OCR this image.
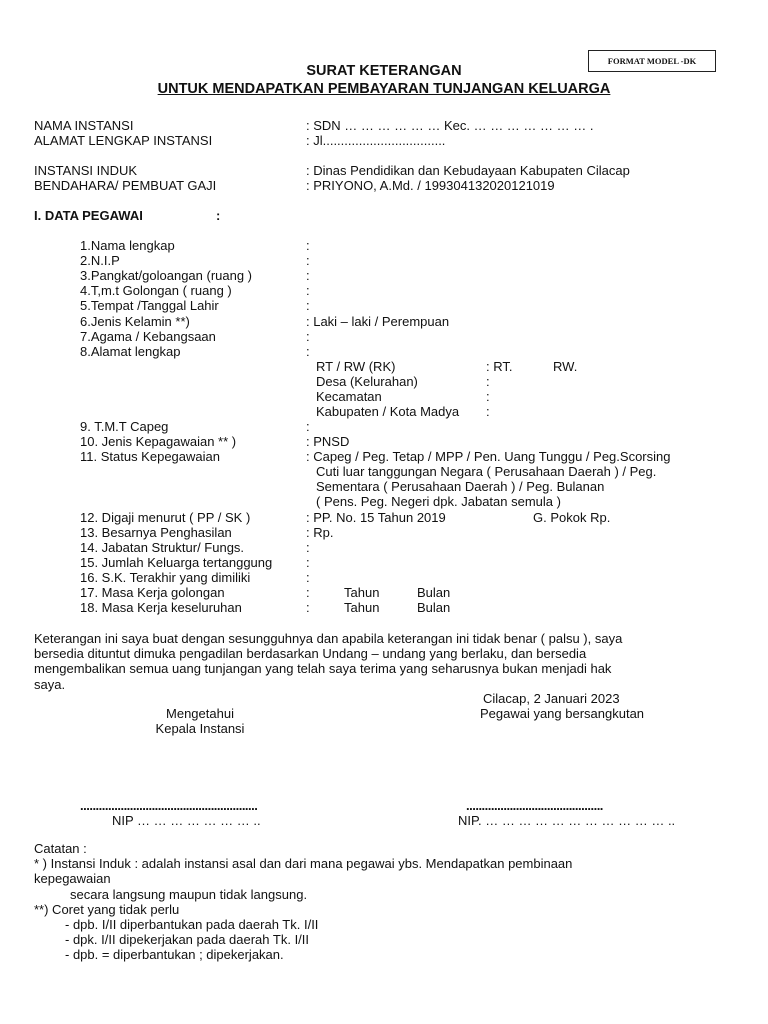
FORMAT MODEL -DK
SURAT KETERANGAN
UNTUK MENDAPATKAN PEMBAYARAN TUNJANGAN KELUARGA
NAMA INSTANSI	: SDN … … … … … … Kec. … … … … … … … .
ALAMAT LENGKAP INSTANSI	: Jl..................................
INSTANSI INDUK	: Dinas Pendidikan dan Kebudayaan Kabupaten Cilacap
BENDAHARA/ PEMBUAT GAJI	: PRIYONO, A.Md. / 199304132020121019
I. DATA PEGAWAI	:
1.Nama lengkap	:
2.N.I.P	:
3.Pangkat/goloangan (ruang )	:
4.T,m.t Golongan ( ruang )	:
5.Tempat /Tanggal Lahir	:
6.Jenis Kelamin **)	: Laki – laki / Perempuan
7.Agama / Kebangsaan	:
8.Alamat lengkap	:
RT / RW (RK)	: RT.	RW.
Desa (Kelurahan)	:
Kecamatan	:
Kabupaten / Kota Madya :
9. T.M.T Capeg	:
10. Jenis Kepagawaian ** )	: PNSD
11. Status Kepegawaian	: Capeg / Peg. Tetap / MPP / Pen. Uang Tunggu / Peg.Scorsing
Cuti luar tanggungan Negara ( Perusahaan Daerah ) / Peg.
Sementara ( Perusahaan Daerah ) / Peg. Bulanan
( Pens. Peg. Negeri dpk. Jabatan semula )
12. Digaji menurut ( PP / SK )	: PP. No. 15 Tahun 2019	G. Pokok Rp.
13. Besarnya Penghasilan	: Rp.
14. Jabatan Struktur/ Fungs.	:
15. Jumlah Keluarga tertanggung	:
16. S.K. Terakhir yang dimiliki	:
17. Masa Kerja golongan	:	Tahun	Bulan
18. Masa Kerja keseluruhan	:	Tahun	Bulan
Keterangan ini saya buat dengan sesungguhnya dan apabila keterangan ini tidak benar ( palsu ), saya
bersedia dituntut dimuka pengadilan berdasarkan Undang – undang yang berlaku, dan bersedia
mengembalikan semua uang tunjangan yang telah saya terima yang seharusnya bukan menjadi hak
saya.
Cilacap, 2 Januari 2023
Mengetahui
Kepala Instansi
Pegawai yang bersangkutan
.........................................................	............................................
NIP … … … … … … … ..	NIP. … … … … … … … … … … … ..
Catatan :
* ) Instansi Induk : adalah instansi asal dan dari mana pegawai ybs. Mendapatkan pembinaan
kepegawaian
secara langsung maupun tidak langsung.
**) Coret yang tidak perlu
- dpb. I/II diperbantukan pada daerah Tk. I/II
- dpk. I/II dipekerjakan pada daerah Tk. I/II
- dpb. = diperbantukan ; dipekerjakan.
